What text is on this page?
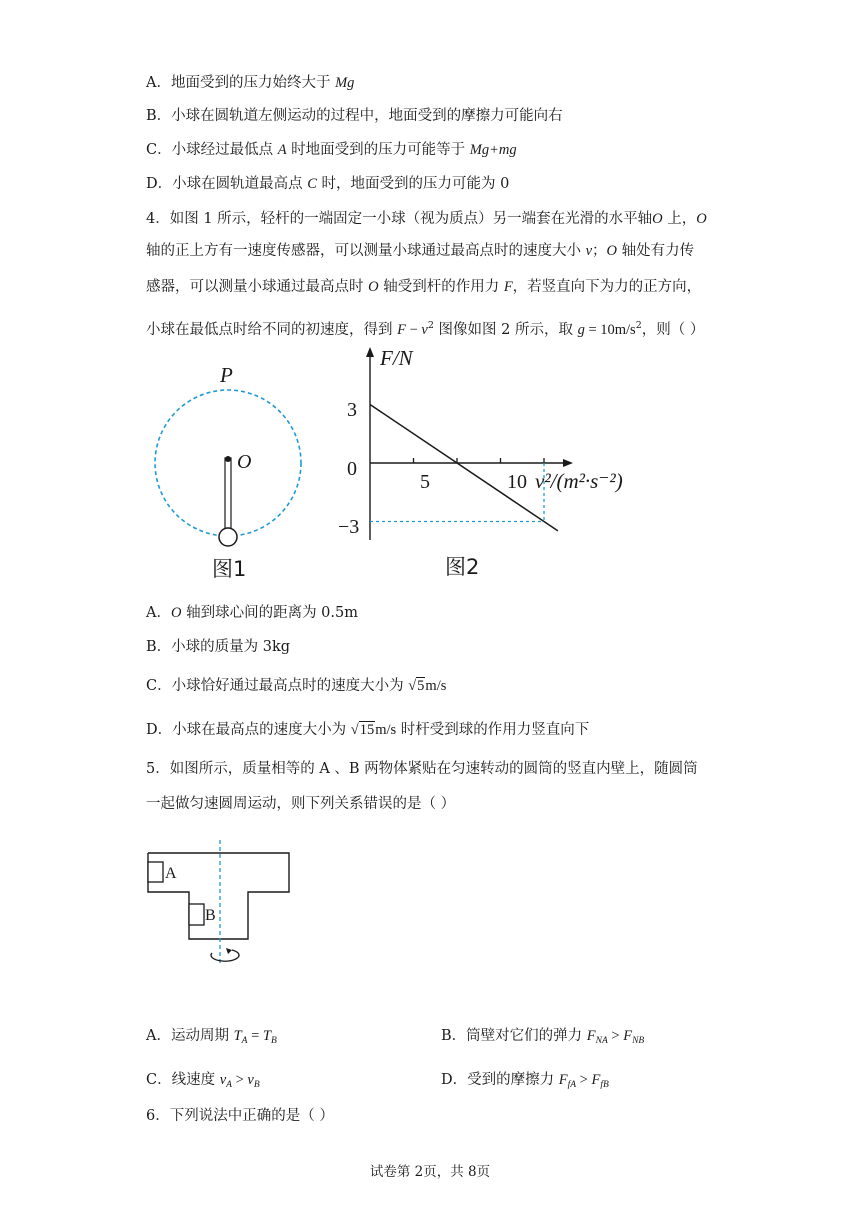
A．地面受到的压力始终大于 Mg
B．小球在圆轨道左侧运动的过程中，地面受到的摩擦力可能向右
C．小球经过最低点 A 时地面受到的压力可能等于 Mg+mg
D．小球在圆轨道最高点 C 时，地面受到的压力可能为 0
4．如图 1 所示，轻杆的一端固定一小球（视为质点）另一端套在光滑的水平轴O 上，O
轴的正上方有一速度传感器，可以测量小球通过最高点时的速度大小 v；O 轴处有力传
感器，可以测量小球通过最高点时 O 轴受到杆的作用力 F，若竖直向下为力的正方向，
小球在最低点时给不同的初速度，得到 $F - v^2$ 图像如图 2 所示，取 $g = 10m/s^2$，则（ ）
P
O
图1
F/N
v²/(m²·s⁻²)
3
0
−3
5	10
图2
A．O 轴到球心间的距离为 0.5m
B．小球的质量为 3kg
C．小球恰好通过最高点时的速度大小为 √5m/s
D．小球在最高点的速度大小为 √15m/s 时杆受到球的作用力竖直向下
5．如图所示，质量相等的 A 、B 两物体紧贴在匀速转动的圆筒的竖直内壁上，随圆筒
一起做匀速圆周运动，则下列关系错误的是（ ）
A
B
A．运动周期 $T_A = T_B$	B．筒壁对它们的弹力 $F_{NA} > F_{NB}$
C．线速度 $v_A > v_B$	D．受到的摩擦力 $F_{fA} > F_{fB}$
6．下列说法中正确的是（ ）
试卷第 2页，共 8页
